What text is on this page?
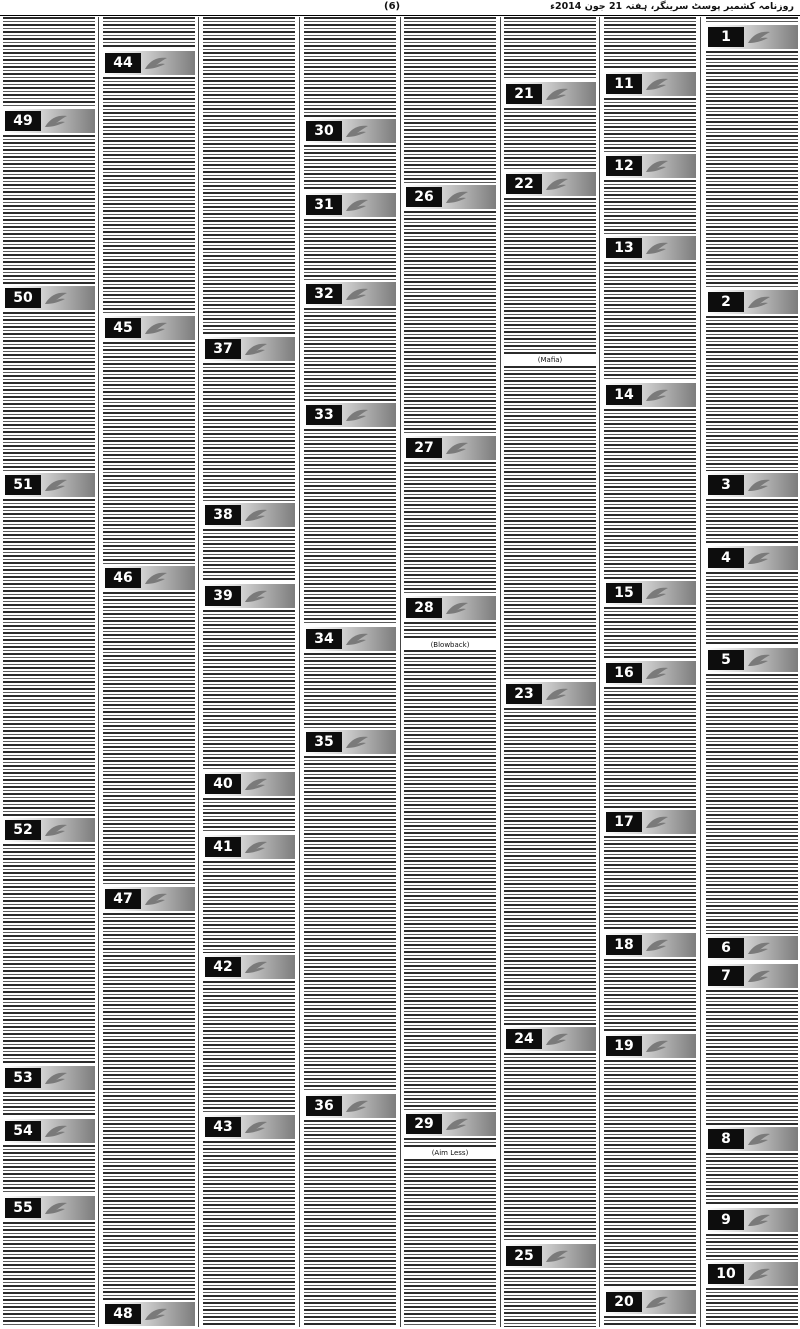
(6)	روزنامہ کشمیر پوسٹ سرینگر، ہفتہ 21 جون 2014ء
1
2
3
4
5
6
7
8
9
10
11
12
13
14
15
16
17
18
19
20
21
22
23
24
25
(Mafia)
26
27
28
29
(Blowback)
(Aim Less)
30
31
32
33
34
35
36
37
38
39
40
41
42
43
44
45
46
47
48
49
50
51
52
53
54
55
